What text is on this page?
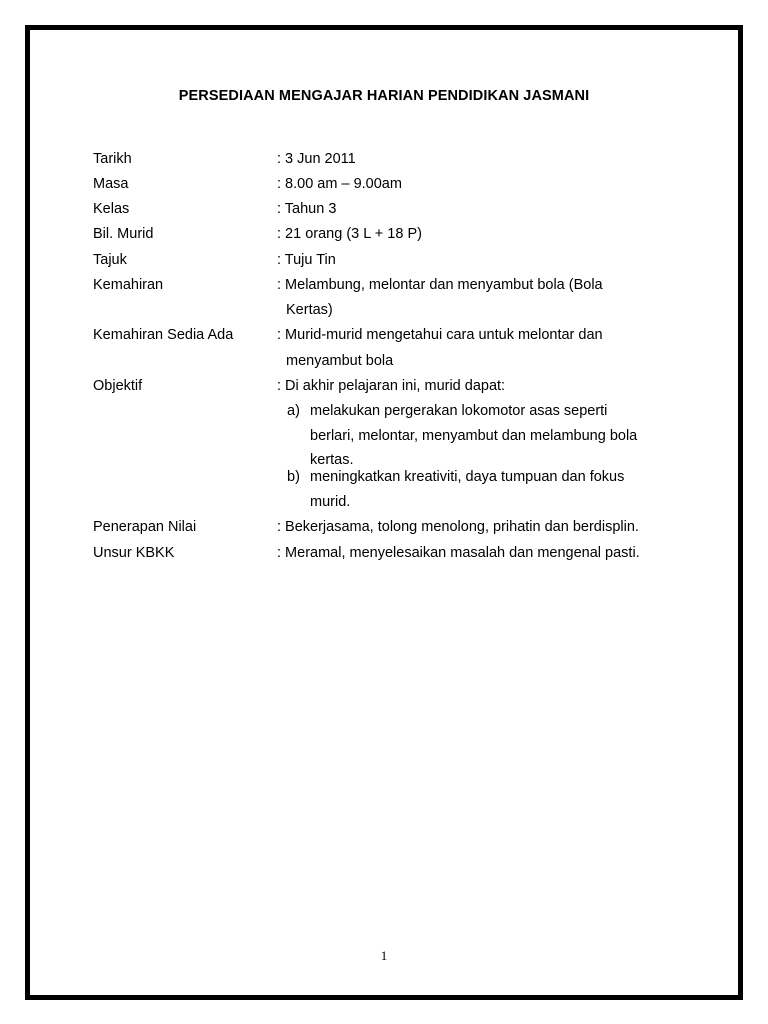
PERSEDIAAN MENGAJAR HARIAN PENDIDIKAN JASMANI
Tarikh	: 3 Jun 2011
Masa	: 8.00 am – 9.00am
Kelas	: Tahun 3
Bil. Murid	: 21 orang (3 L + 18 P)
Tajuk	: Tuju Tin
Kemahiran	: Melambung, melontar dan menyambut bola (Bola
Kertas)
Kemahiran Sedia Ada	: Murid-murid mengetahui cara untuk melontar dan
menyambut bola
Objektif	: Di akhir pelajaran ini, murid dapat:
a) melakukan pergerakan lokomotor asas seperti
berlari, melontar, menyambut dan melambung bola
kertas.
b) meningkatkan kreativiti, daya tumpuan dan fokus
murid.
Penerapan Nilai	: Bekerjasama, tolong menolong, prihatin dan berdisplin.
Unsur KBKK	: Meramal, menyelesaikan masalah dan mengenal pasti.
1
